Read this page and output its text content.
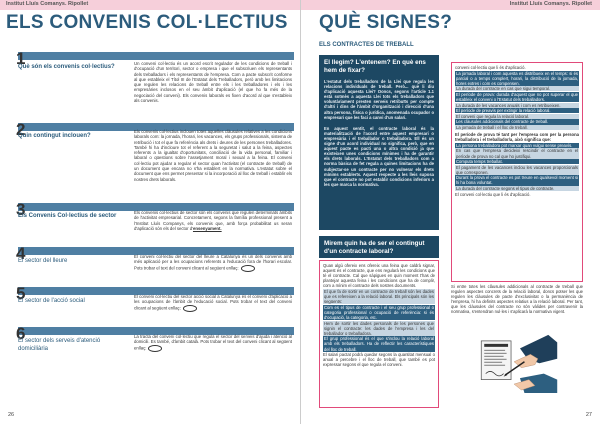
Institut Lluís Comanys. Ripollet
ELS CONVENIS COL·LECTIUS
1
Què són els convenis col·lectius?
Un conveni col·lectiu és un acord escrit regulador de les condicions de treball i d'ocupació d'un territori, sector o empresa i que el subscriuen els representants dels treballadors i els representants de l'empresa. Com a pacte subscrit conforme al que estableix el Títol III de l'Estatut dels Treballadors, però amb les limitacions que regulen les relacions de treball entre els i les treballadores i els i les empresàries inclosos en el seu àmbit d'aplicació (el que ho fa més de la negociació del conveni). Els convenis laborals es fixen d'acord al que s'estableix als convenis.
2
Quin contingut inclouen?
Els convenis col·lectius inclouen totes aquelles clàusules relatives a les condicions laborals com: la jornada, l'horari, les vacances, els grups professionals, sistema de retribució i tot el que fa referència als drets i deures de les persones treballadores. També hi ha d'incloure tot el referent a la seguretat i salut a la feina, aspectes referents a la igualtat d'oportunitats, conciliació de la vida personal, familiar i laboral o qüestions sobre l'assetjament moral i sexual a la feina. El conveni col·lectiu pot ajudar a regular el sector quan l'activitat (el contracte de treball) de un document que encara no s'ha establert en la normativa. L'estatut sobre el document que ens permet presentar si la incorporació al lloc de treball i establir els nostres drets laborals.
3
Els Convenis Col·lectius de sector
Els convenis col·lectius de sector són els convenis que regulen determinats àmbits de l'activitat empresarial. Concretament, segons la família professional present a l'Institut Lluís Companys, els convenis que, amb força probabilitat us seran d'aplicació són els del sector d'ensenyament.
4
El sector del lleure
El conveni col·lectiu del sector del lleure a Catalunya és un dels convenis amb més aplicació per a les ocupacions referents a l'educació fora de l'horari escolar. Pots trobar el text del conveni clicant al següent enllaç:
5
El sector de l'acció social
El conveni col·lectiu del sector acció social a Catalunya és el conveni d'aplicació a les ocupacions de l'àmbit de l'educació social. Pots trobar el text del conveni clicant al següent enllaç:
6
El sector dels serveis d'atenció domiciliària
La tracta del conveni col·lectiu que regula el sector del serveis d'ajuda i atenció al domicili. Es també, d'àmbit català. Pots trobar el text del conveni clicant al següent enllaç:
26
Institut Lluís Comanys. Ripollet
QUÈ SIGNES?
ELS CONTRACTES DE TREBALL
El llegim? L'entenem? En què ens hem de fixar?
L'estatut dels treballadors de la Llei que regula les relacions individuals de treball. Però... què li diu d'aplicació aquesta Llei? Doncs, segons l'article 1.1 està sotmès a aquesta Llei tots els treballadors que voluntàriament presten serveis retribuïts per compte d'altri i dins de l'àmbit d'organització i direcció d'una altra persona, física o jurídica, anomenada ocupador o empresari que les faci a canvi d'un salari.
En aquest sentit, el contracte laboral és la materialització de l'acord entre aquest empresari o empresària i el treballador o treballadora. Ell és un signe d'un acord individual no significa, però, que en aquest pacte es pacti una o altra condició ja que existeixen unes condicions mínimes i ha de garantir els drets laborals. L'Estatut dels treballadors com a norma bàsica de fet regula a quines limitacions ha de subjectar-se un contracte per no vulnerar els drets mínims establerts. Aquest respecte a les lleis suposa que el contracte no pot establir condicions inferiors a les que marca la normativa.
Mirem quin ha de ser el contingut d'un contracte laboral?
Quan algú ofereix ens ofereix una feina que caldrà signar, aquest és el contracte, que ens regularà les condicions que té el contracte. Cal que sàpigues en quin moment t'has de plantejar aquesta feina i les condicions que ha de complir, com a mínim el contracte dels nostres documents.
El que fa de sortir en un contracte de treball són les dades que es refereixen a la relació laboral. Els principals són les següents:
Com es el tipus de contracte i el seu grup professional o categoria professional o ocupació de referència: si és d'ocupació, la categoria, etc.
Hem de sortir les dades personals de les persones que signin el contracte: les dades de l'empresa i les del treballador o treballadora.
El grup professional és el que s'inclou la relació laboral amb els treballadors. Ha de reflectir les característiques del lloc de treball.
El salari pactat podrà quedar segons la quantitat mensual o anual a percebre i el lloc de treball, que també es pot expressar segons el que regula el conveni.
conveni col·lectiu que li és d'aplicació.
La jornada laboral i com aquesta es distribueix en el temps: si és parcial o a temps complert, horari, la distribució de la jornada, hores extres i com es compensen.
La durada del contracte en cas que sigui temporal.
El període de prova: durada d'aquest que no pot superar el que estableix el conveni o l'Estatut dels treballadors.
La durada de les vacances anuals i com es retribueixen.
El període de preavís per extingir la relació laboral.
El conveni que regula la relació laboral.
Les clàusules addicionals del contracte de treball.
La jornada de treball i el lloc de treball.
El període de prova té tant per l'empresa com per la persona treballadora i el treballador/a, això significa que:
La persona treballadora pot marxar quan vulgui sense preavís.
En cas que l'empresa decideixi rescindir el contracte en el període de prova no cal que ho justifiqui.
Computa temps treballat.
El pagament de les vacances inclou les vacances proporcionals que corresponen.
Durant la prova el contracte es pot treure en qualsevol moment si hi ha bona voluntat.
La durada del contracte segons el tipus de contracte.
El conveni col·lectiu que li és d'aplicació.
27
Si entre totes les clàusules addicionals al contracte de treball que regulen aspectes concrets de la relació laboral, doncs potser les que regulen les clàusules de pacte d'exclusivitat o la permanència de l'empresa, hi ha definits aspectes relatius a la relació laboral. Per tant, que les clàusules del contracte no són vàlides per contravenir la normativa, s'entendran nul·les i s'aplicarà la normativa vigent.
